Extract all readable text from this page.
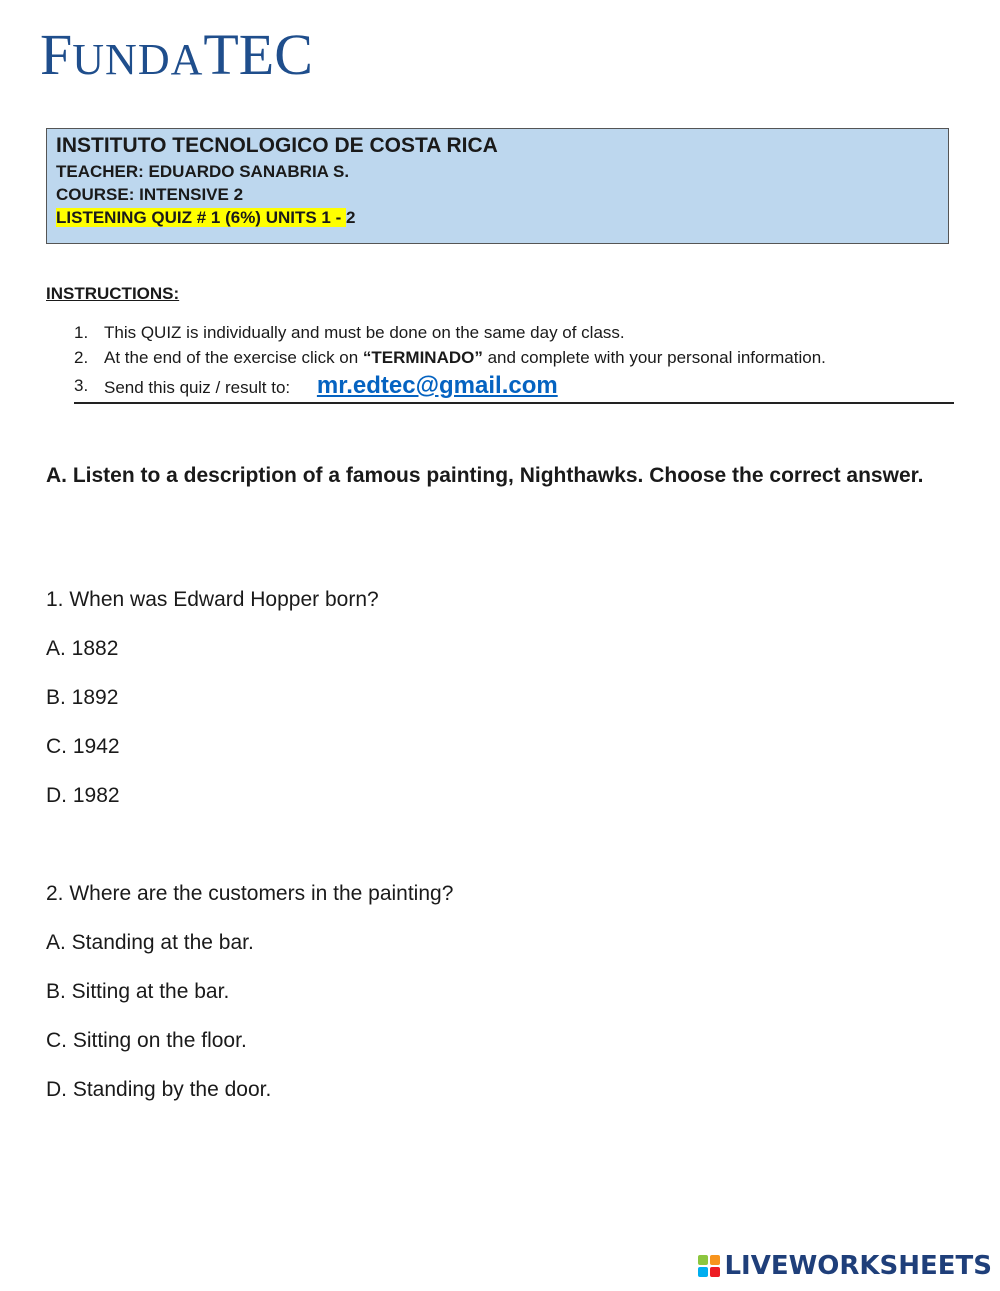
FUNDATEC
INSTITUTO TECNOLOGICO DE COSTA RICA
TEACHER: EDUARDO SANABRIA S.
COURSE: INTENSIVE 2
LISTENING QUIZ # 1 (6%) UNITS 1 - 2
INSTRUCTIONS:
1. This QUIZ is individually and must be done on the same day of class.
2. At the end of the exercise click on “TERMINADO” and complete with your personal information.
3. Send this quiz / result to: mr.edtec@gmail.com
A. Listen to a description of a famous painting, Nighthawks. Choose the correct answer.
1. When was Edward Hopper born?
A. 1882
B. 1892
C. 1942
D. 1982
2. Where are the customers in the painting?
A. Standing at the bar.
B. Sitting at the bar.
C. Sitting on the floor.
D. Standing by the door.
LIVEWORKSHEETS
